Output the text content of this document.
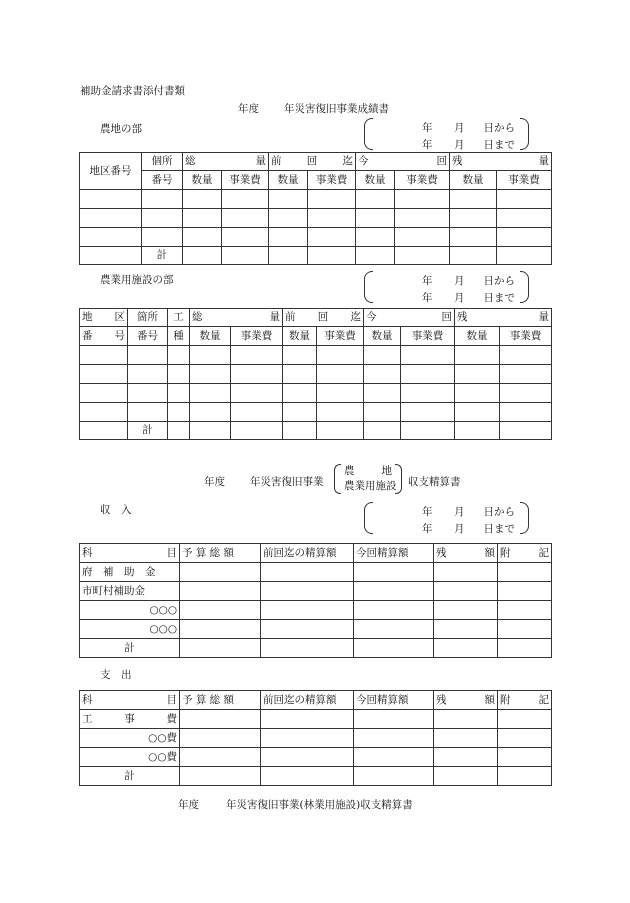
補助金請求書添付書類
年度 年災害復旧事業成績書
農地の部	年 月 日から
年 月 日まで
地区番号	個所	総 量		前 回 迄		今 回		残 量	

	番号	数量	事業費	数量	事業費	数量	事業費	数量	事業費

	計								
農業用施設の部	年 月 日から
年 月 日まで
地 区	箇所	工	総 量		前 回 迄		今 回		残 量	

番 号	番号	種	数量	事業費	数量	事業費	数量	事業費	数量	事業費

	計									
年度 年災害復旧事業
農	地
農業用施設 収支精算書
収　入	年 月 日から
年 月 日まで
科 目	予 算 総 額	前回迄の精算額	今回精算額	残 額	附 記

府　補　助　金					
市町村補助金					
○○○					
○○○					
計					
支　出
科 目	予 算 総 額	前回迄の精算額	今回精算額	残 額	附 記

工 事 費					

○○費					
○○費					
計					
年度	年災害復旧事業(林業用施設)収支精算書
